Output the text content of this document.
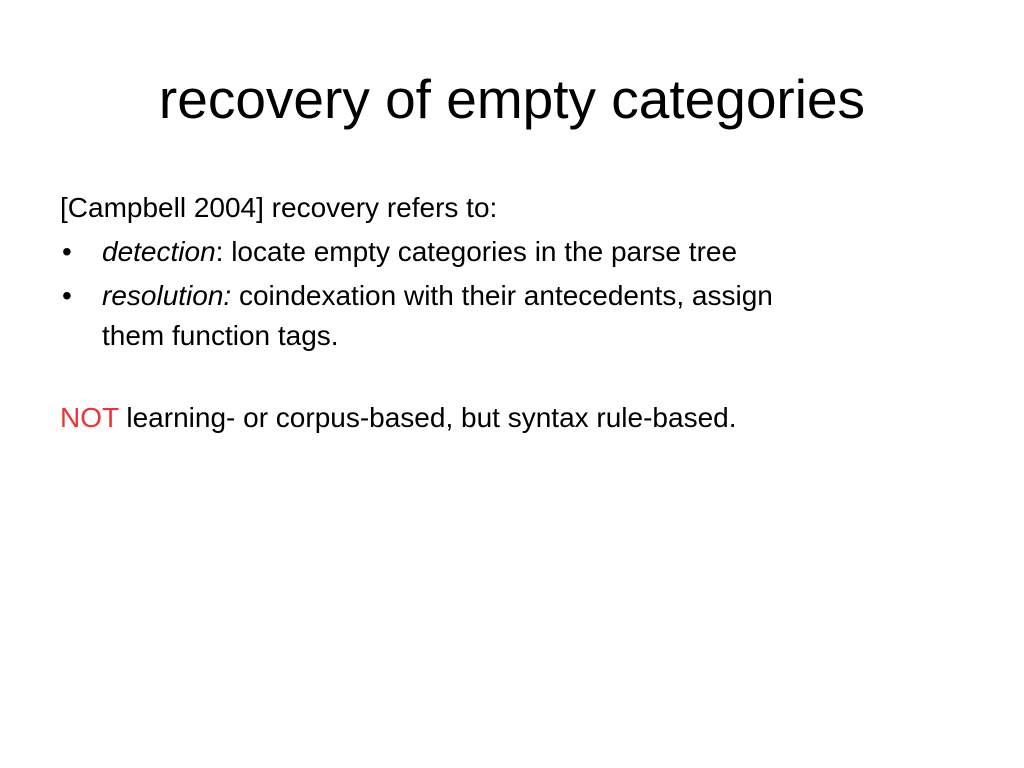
recovery of empty categories

[Campbell 2004] recovery refers to:

• detection: locate empty categories in the parse tree
• resolution: coindexation with their antecedents, assign
them function tags.

NOT learning- or corpus-based, but syntax rule-based.
